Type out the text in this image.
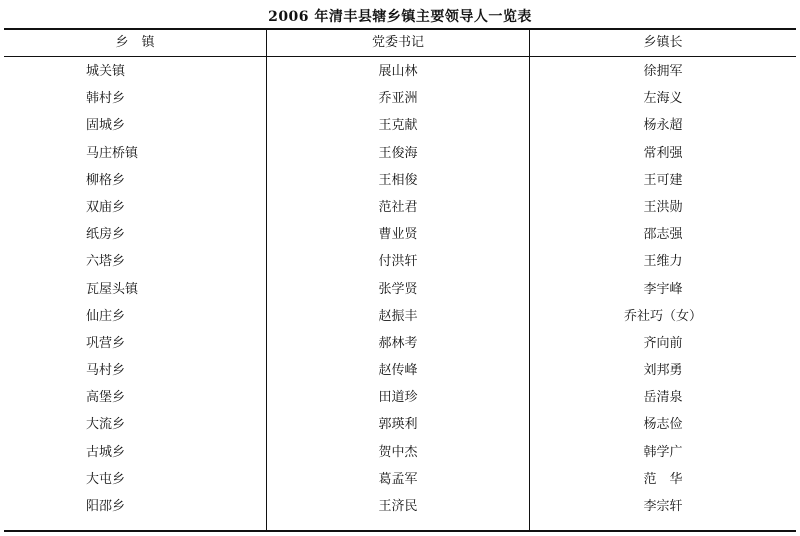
2006 年清丰县辖乡镇主要领导人一览表
乡　镇	党委书记	乡镇长
城关镇	展山林	徐拥军
韩村乡	乔亚洲	左海义
固城乡	王克献	杨永超
马庄桥镇	王俊海	常利强
柳格乡	王相俊	王可建
双庙乡	范社君	王洪勋
纸房乡	曹业贤	邵志强
六塔乡	付洪轩	王维力
瓦屋头镇	张学贤	李宇峰
仙庄乡	赵振丰	乔社巧（女）
巩营乡	郝林考	齐向前
马村乡	赵传峰	刘邦勇
高堡乡	田道珍	岳清泉
大流乡	郭瑛利	杨志俭
古城乡	贺中杰	韩学广
大屯乡	葛孟军	范　华
阳邵乡	王济民	李宗轩
